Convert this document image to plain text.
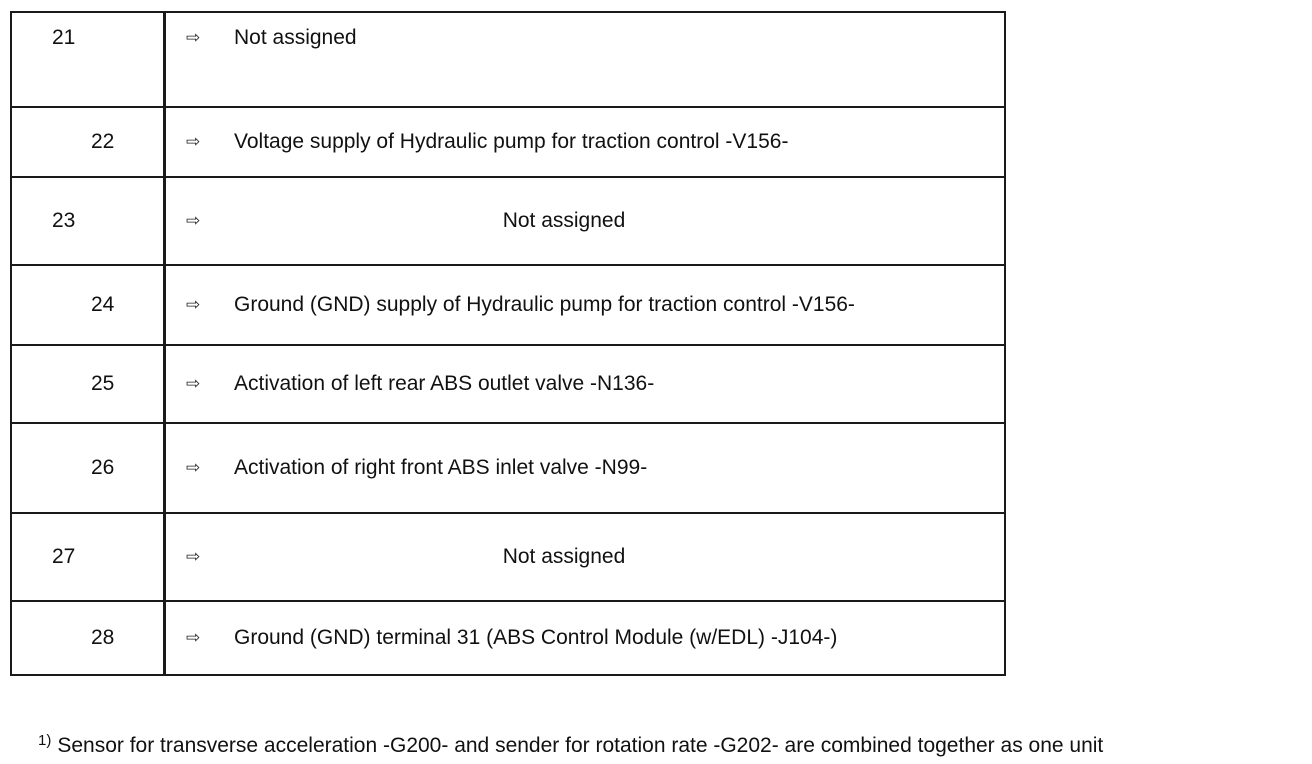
21	⇨ Not assigned

22	⇨ Voltage supply of Hydraulic pump for traction control -V156-

23	⇨ Not assigned

24	⇨ Ground (GND) supply of Hydraulic pump for traction control -V156-

25	⇨ Activation of left rear ABS outlet valve -N136-

26	⇨ Activation of right front ABS inlet valve -N99-

27	⇨ Not assigned

28	⇨ Ground (GND) terminal 31 (ABS Control Module (w/EDL) -J104-)
$^{1)}$ Sensor for transverse acceleration -G200- and sender for rotation rate -G202- are combined together as one unit
